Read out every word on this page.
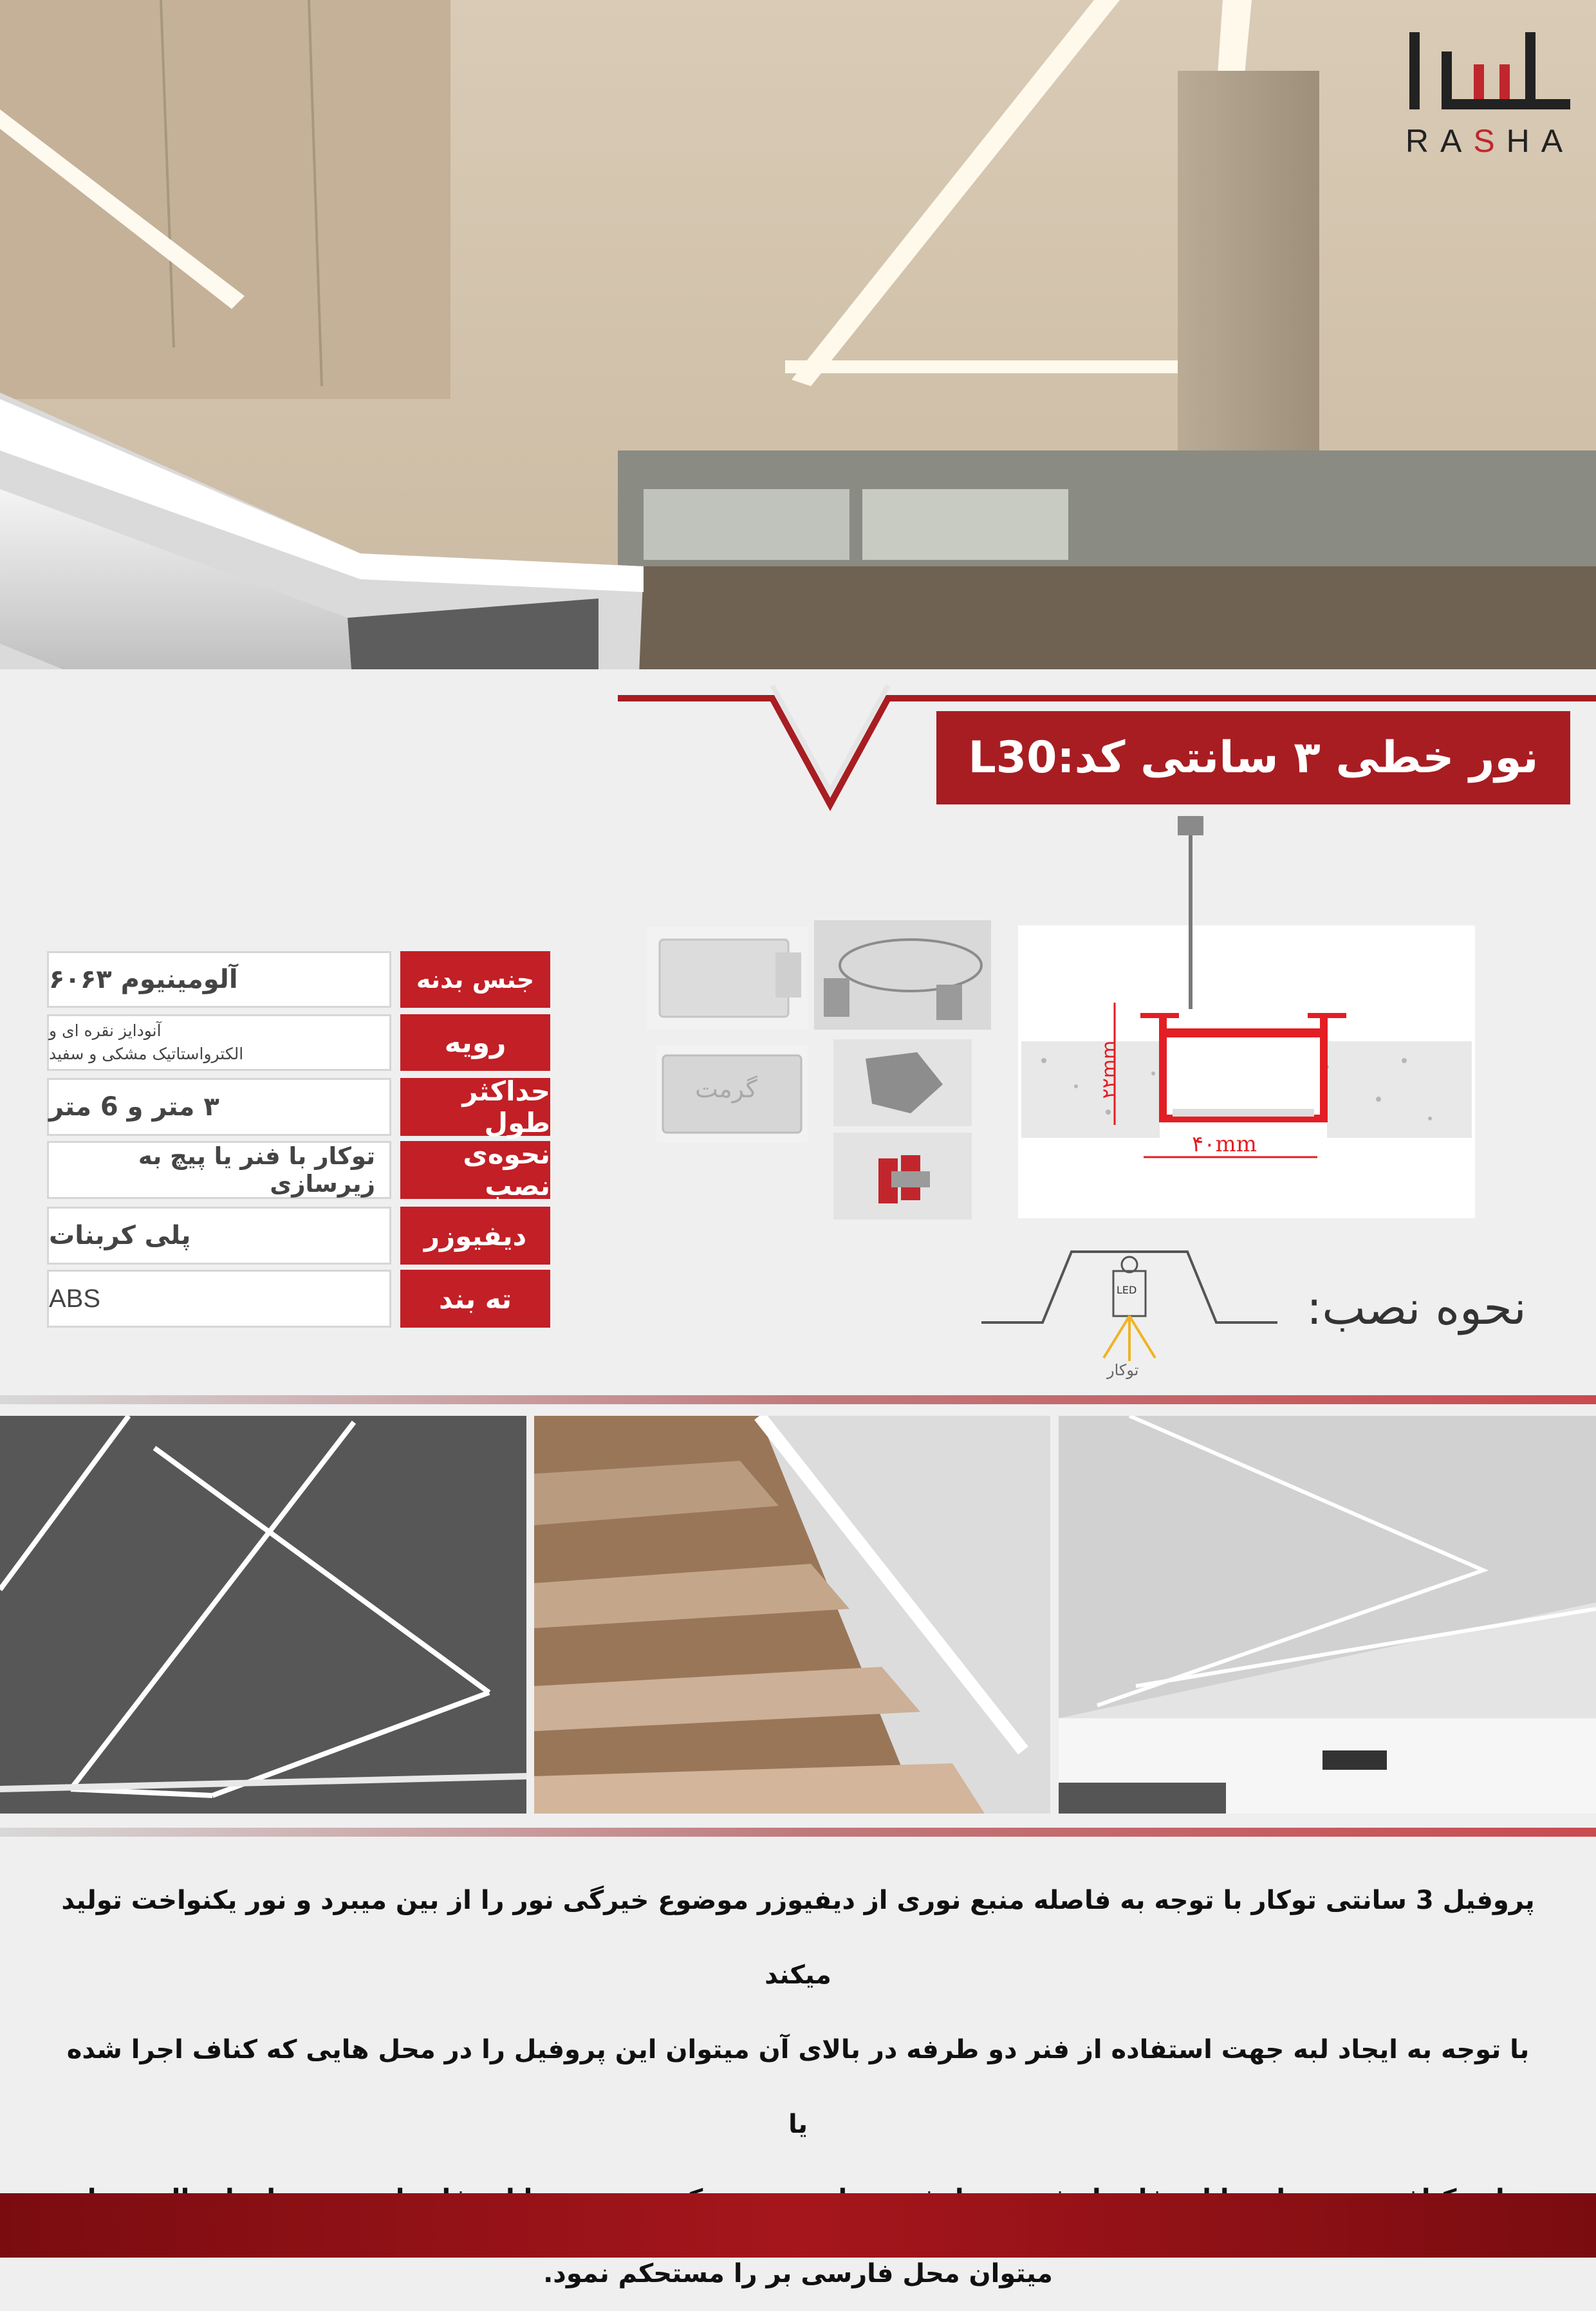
RASHA
نور خطی ۳ سانتی کد:L30
جنس بدنه
آلومینیوم ۶۰۶۳
رویه
آنودایز نقره ای و
الکترواستاتیک مشکی و سفید
حداکثر طول
۳ متر و 6 متر
نحوه‌ی نصب
توکار با فنر یا پیچ به زیرسازی
دیفیوزر
پلی کربنات
ته بند
ABS
گرمت	۲۲mm
۴۰mm
LED
توکار
نحوه نصب:

پروفیل 3 سانتی توکار با توجه به فاصله منبع نوری از دیفیوزر موضوع خیرگی نور را از بین میبرد و نور یکنواخت تولید میکند

با توجه به ایجاد لبه جهت استفاده از فنر دو طرفه در بالای آن میتوان این پروفیل را در محل هایی که کناف اجرا شده یا

میتوان محل فارسی بر را مستحکم نمود.
